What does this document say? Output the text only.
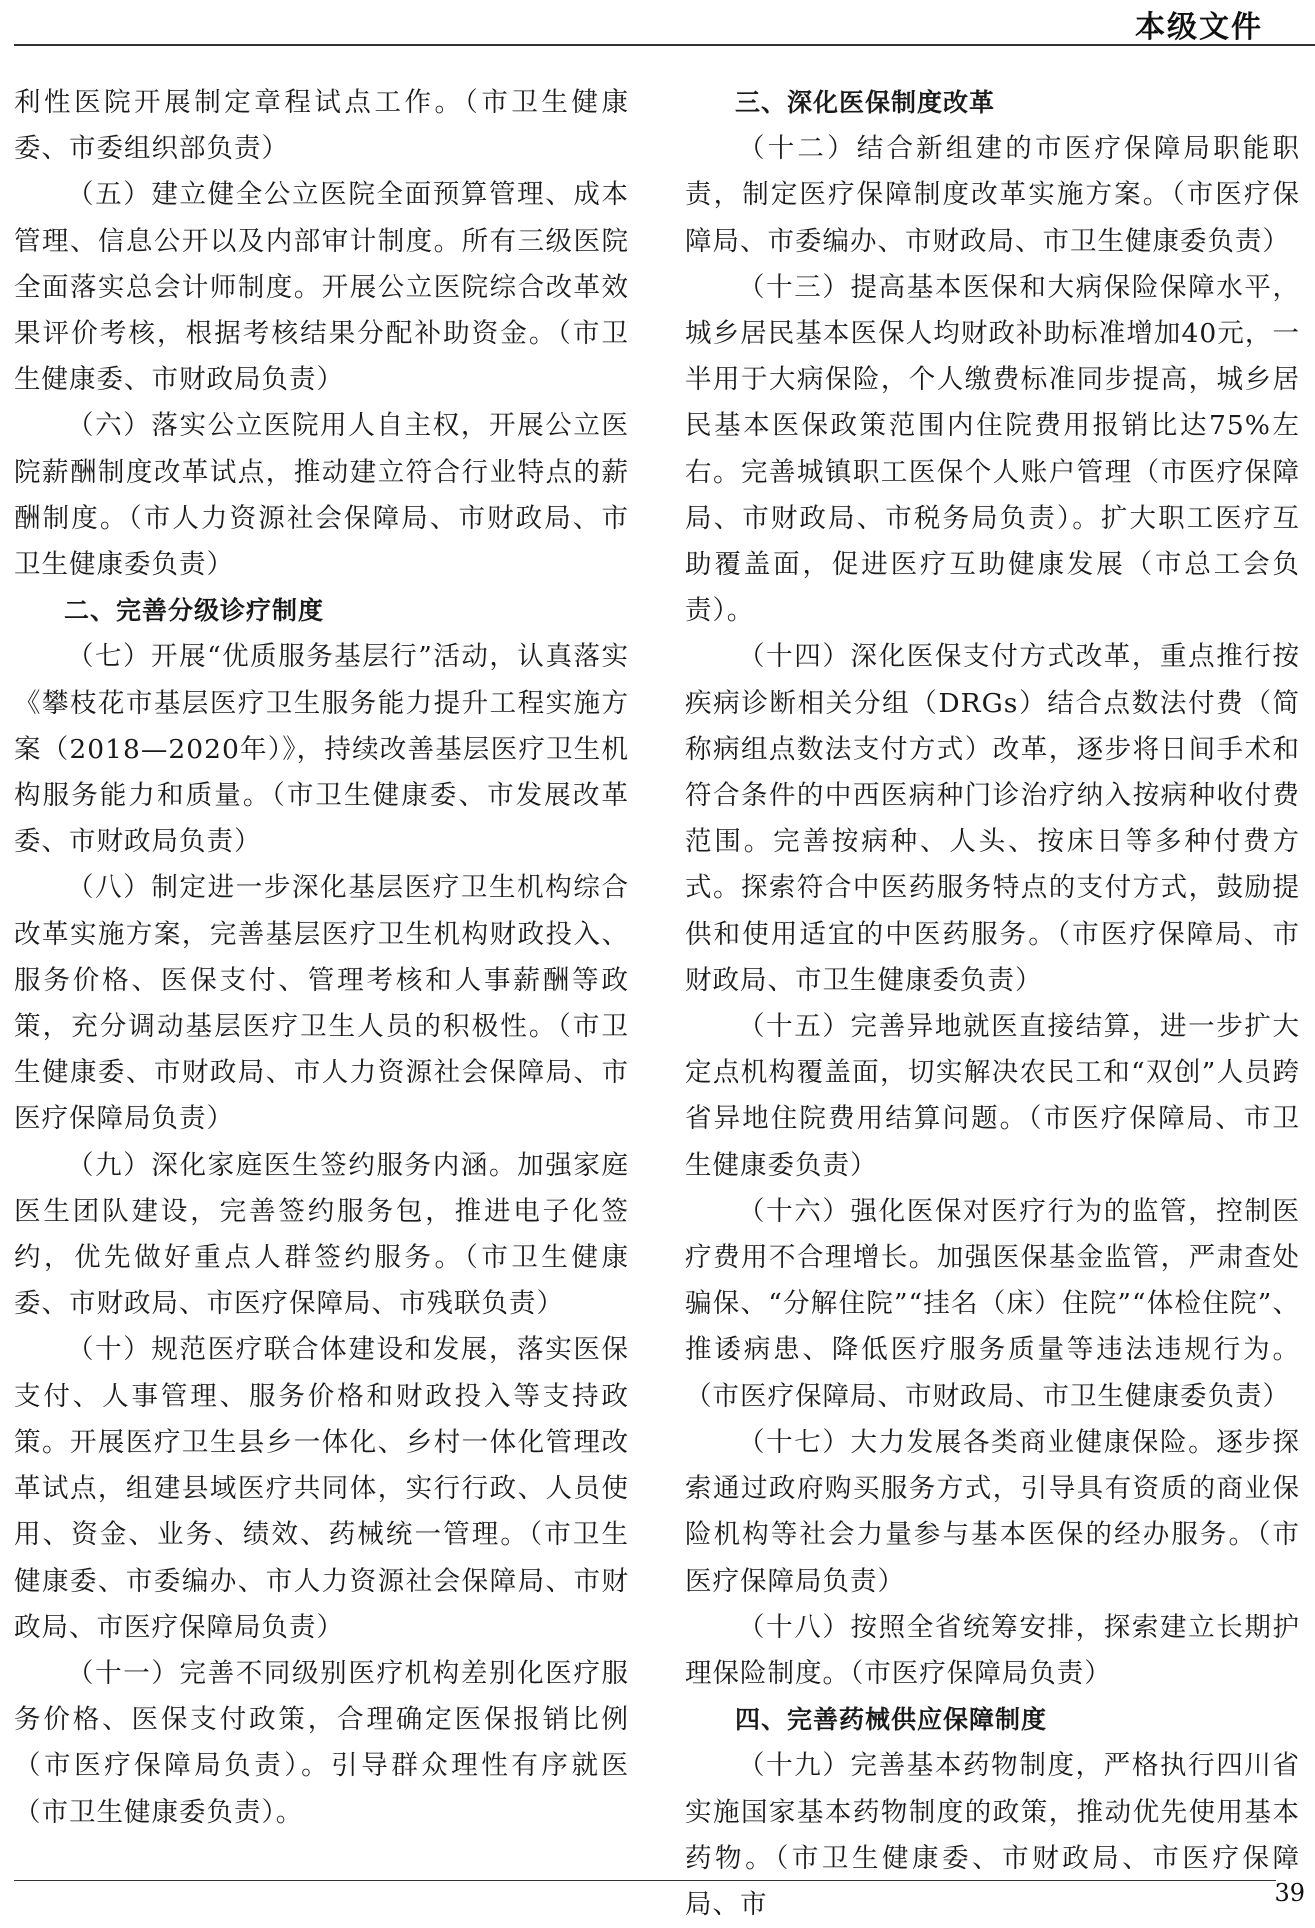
本级文件

利性医院开展制定章程试点工作。（市卫生健康委、市委组织部负责）

（五）建立健全公立医院全面预算管理、成本管理、信息公开以及内部审计制度。所有三级医院全面落实总会计师制度。开展公立医院综合改革效果评价考核，根据考核结果分配补助资金。（市卫生健康委、市财政局负责）

（六）落实公立医院用人自主权，开展公立医院薪酬制度改革试点，推动建立符合行业特点的薪酬制度。（市人力资源社会保障局、市财政局、市卫生健康委负责）

二、完善分级诊疗制度

（七）开展“优质服务基层行”活动，认真落实《攀枝花市基层医疗卫生服务能力提升工程实施方案（2018—2020年）》，持续改善基层医疗卫生机构服务能力和质量。（市卫生健康委、市发展改革委、市财政局负责）

（八）制定进一步深化基层医疗卫生机构综合改革实施方案，完善基层医疗卫生机构财政投入、服务价格、医保支付、管理考核和人事薪酬等政策，充分调动基层医疗卫生人员的积极性。（市卫生健康委、市财政局、市人力资源社会保障局、市医疗保障局负责）

（九）深化家庭医生签约服务内涵。加强家庭医生团队建设，完善签约服务包，推进电子化签约，优先做好重点人群签约服务。（市卫生健康委、市财政局、市医疗保障局、市残联负责）

（十）规范医疗联合体建设和发展，落实医保支付、人事管理、服务价格和财政投入等支持政策。开展医疗卫生县乡一体化、乡村一体化管理改革试点，组建县域医疗共同体，实行行政、人员使用、资金、业务、绩效、药械统一管理。（市卫生健康委、市委编办、市人力资源社会保障局、市财政局、市医疗保障局负责）

（十一）完善不同级别医疗机构差别化医疗服务价格、医保支付政策，合理确定医保报销比例（市医疗保障局负责）。引导群众理性有序就医（市卫生健康委负责）。

三、深化医保制度改革

（十二）结合新组建的市医疗保障局职能职责，制定医疗保障制度改革实施方案。（市医疗保障局、市委编办、市财政局、市卫生健康委负责）

（十三）提高基本医保和大病保险保障水平，城乡居民基本医保人均财政补助标准增加40元，一半用于大病保险，个人缴费标准同步提高，城乡居民基本医保政策范围内住院费用报销比达75%左右。完善城镇职工医保个人账户管理（市医疗保障局、市财政局、市税务局负责）。扩大职工医疗互助覆盖面，促进医疗互助健康发展（市总工会负责）。

（十四）深化医保支付方式改革，重点推行按疾病诊断相关分组（DRGs）结合点数法付费（简称病组点数法支付方式）改革，逐步将日间手术和符合条件的中西医病种门诊治疗纳入按病种收付费范围。完善按病种、人头、按床日等多种付费方式。探索符合中医药服务特点的支付方式，鼓励提供和使用适宜的中医药服务。（市医疗保障局、市财政局、市卫生健康委负责）

（十五）完善异地就医直接结算，进一步扩大定点机构覆盖面，切实解决农民工和“双创”人员跨省异地住院费用结算问题。（市医疗保障局、市卫生健康委负责）

（十六）强化医保对医疗行为的监管，控制医疗费用不合理增长。加强医保基金监管，严肃查处骗保、“分解住院”“挂名（床）住院”“体检住院”、推诿病患、降低医疗服务质量等违法违规行为。（市医疗保障局、市财政局、市卫生健康委负责）

（十七）大力发展各类商业健康保险。逐步探索通过政府购买服务方式，引导具有资质的商业保险机构等社会力量参与基本医保的经办服务。（市医疗保障局负责）

（十八）按照全省统筹安排，探索建立长期护理保险制度。（市医疗保障局负责）

四、完善药械供应保障制度

（十九）完善基本药物制度，严格执行四川省实施国家基本药物制度的政策，推动优先使用基本药物。（市卫生健康委、市财政局、市医疗保障局、市	39
